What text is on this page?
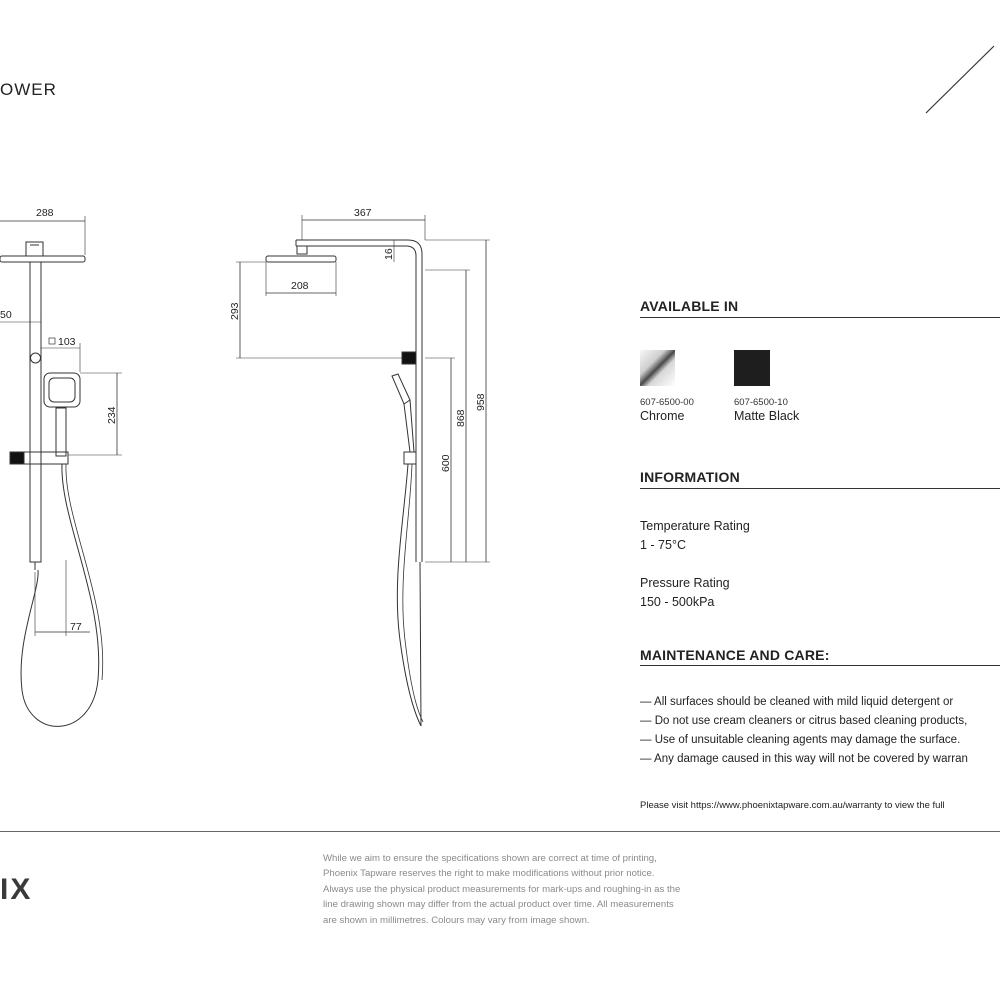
OWER
288
50
103
234
77
367
16
208
293
958
868
600
AVAILABLE IN
607-6500-00
Chrome
607-6500-10
Matte Black
INFORMATION
Temperature Rating
1 - 75°C
Pressure Rating
150 - 500kPa
MAINTENANCE AND CARE:
— All surfaces should be cleaned with mild liquid detergent or
— Do not use cream cleaners or citrus based cleaning products,
— Use of unsuitable cleaning agents may damage the surface.
— Any damage caused in this way will not be covered by warran
Please visit https://www.phoenixtapware.com.au/warranty to view the full
IX
While we aim to ensure the specifications shown are correct at time of printing,
Phoenix Tapware reserves the right to make modifications without prior notice.
Always use the physical product measurements for mark-ups and roughing-in as the
line drawing shown may differ from the actual product over time. All measurements
are shown in millimetres. Colours may vary from image shown.
